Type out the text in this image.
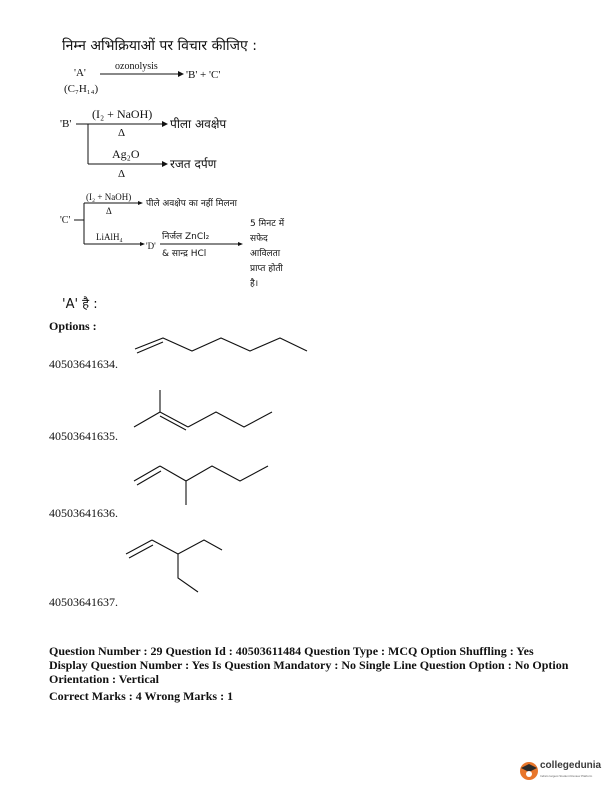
निम्न अभिक्रियाओं पर विचार कीजिए :
'A'
(C₇H₁₄)
ozonolysis
'B' + 'C'
'B'
(I₂ + NaOH)
Δ
पीला अवक्षेप
Ag₂O
Δ
रजत दर्पण
'C'
(I₂ + NaOH)
Δ
पीले अवक्षेप का नहीं मिलना
LiAlH₄
'D'
निर्जल ZnCl₂
& सान्द्र HCl
5 मिनट में
सफेद
आविलता
प्राप्त होती
है।
'A' है :
Options :
40503641634.
40503641635.
40503641636.
40503641637.
Question Number : 29 Question Id : 40503611484 Question Type : MCQ Option Shuffling : Yes
Display Question Number : Yes Is Question Mandatory : No Single Line Question Option : No Option
Orientation : Vertical
Correct Marks : 4 Wrong Marks : 1
collegedunia
India's largest Student Review Platform
